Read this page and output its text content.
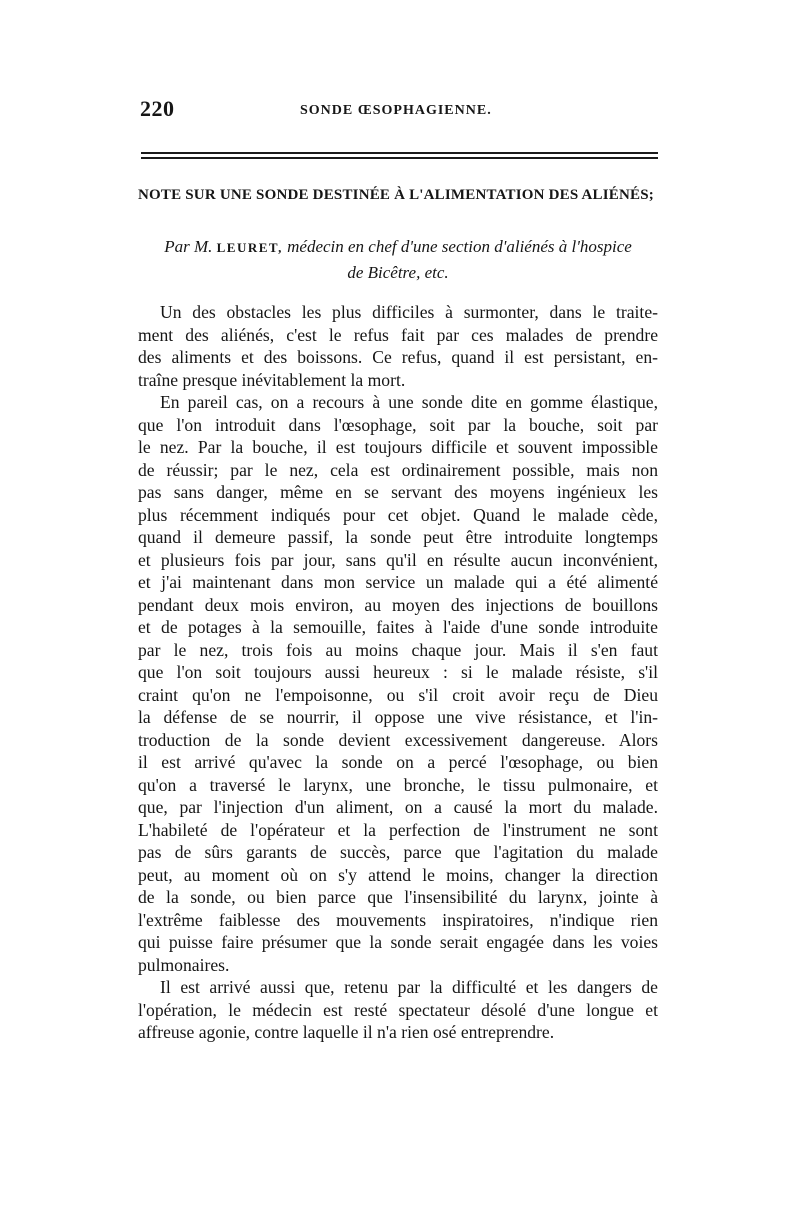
220	SONDE ŒSOPHAGIENNE.
NOTE SUR UNE SONDE DESTINÉE À L'ALIMENTATION DES ALIÉNÉS;
Par M. LEURET, médecin en chef d'une section d'aliénés à l'hospice
de Bicêtre, etc.
Un des obstacles les plus difficiles à surmonter, dans le traite-
ment des aliénés, c'est le refus fait par ces malades de prendre
des aliments et des boissons. Ce refus, quand il est persistant, en-
traîne presque inévitablement la mort.
En pareil cas, on a recours à une sonde dite en gomme élastique,
que l'on introduit dans l'œsophage, soit par la bouche, soit par
le nez. Par la bouche, il est toujours difficile et souvent impossible
de réussir; par le nez, cela est ordinairement possible, mais non
pas sans danger, même en se servant des moyens ingénieux les
plus récemment indiqués pour cet objet. Quand le malade cède,
quand il demeure passif, la sonde peut être introduite longtemps
et plusieurs fois par jour, sans qu'il en résulte aucun inconvénient,
et j'ai maintenant dans mon service un malade qui a été alimenté
pendant deux mois environ, au moyen des injections de bouillons
et de potages à la semouille, faites à l'aide d'une sonde introduite
par le nez, trois fois au moins chaque jour. Mais il s'en faut
que l'on soit toujours aussi heureux : si le malade résiste, s'il
craint qu'on ne l'empoisonne, ou s'il croit avoir reçu de Dieu
la défense de se nourrir, il oppose une vive résistance, et l'in-
troduction de la sonde devient excessivement dangereuse. Alors
il est arrivé qu'avec la sonde on a percé l'œsophage, ou bien
qu'on a traversé le larynx, une bronche, le tissu pulmonaire, et
que, par l'injection d'un aliment, on a causé la mort du malade.
L'habileté de l'opérateur et la perfection de l'instrument ne sont
pas de sûrs garants de succès, parce que l'agitation du malade
peut, au moment où on s'y attend le moins, changer la direction
de la sonde, ou bien parce que l'insensibilité du larynx, jointe à
l'extrême faiblesse des mouvements inspiratoires, n'indique rien
qui puisse faire présumer que la sonde serait engagée dans les voies
pulmonaires.
Il est arrivé aussi que, retenu par la difficulté et les dangers de
l'opération, le médecin est resté spectateur désolé d'une longue et
affreuse agonie, contre laquelle il n'a rien osé entreprendre.
